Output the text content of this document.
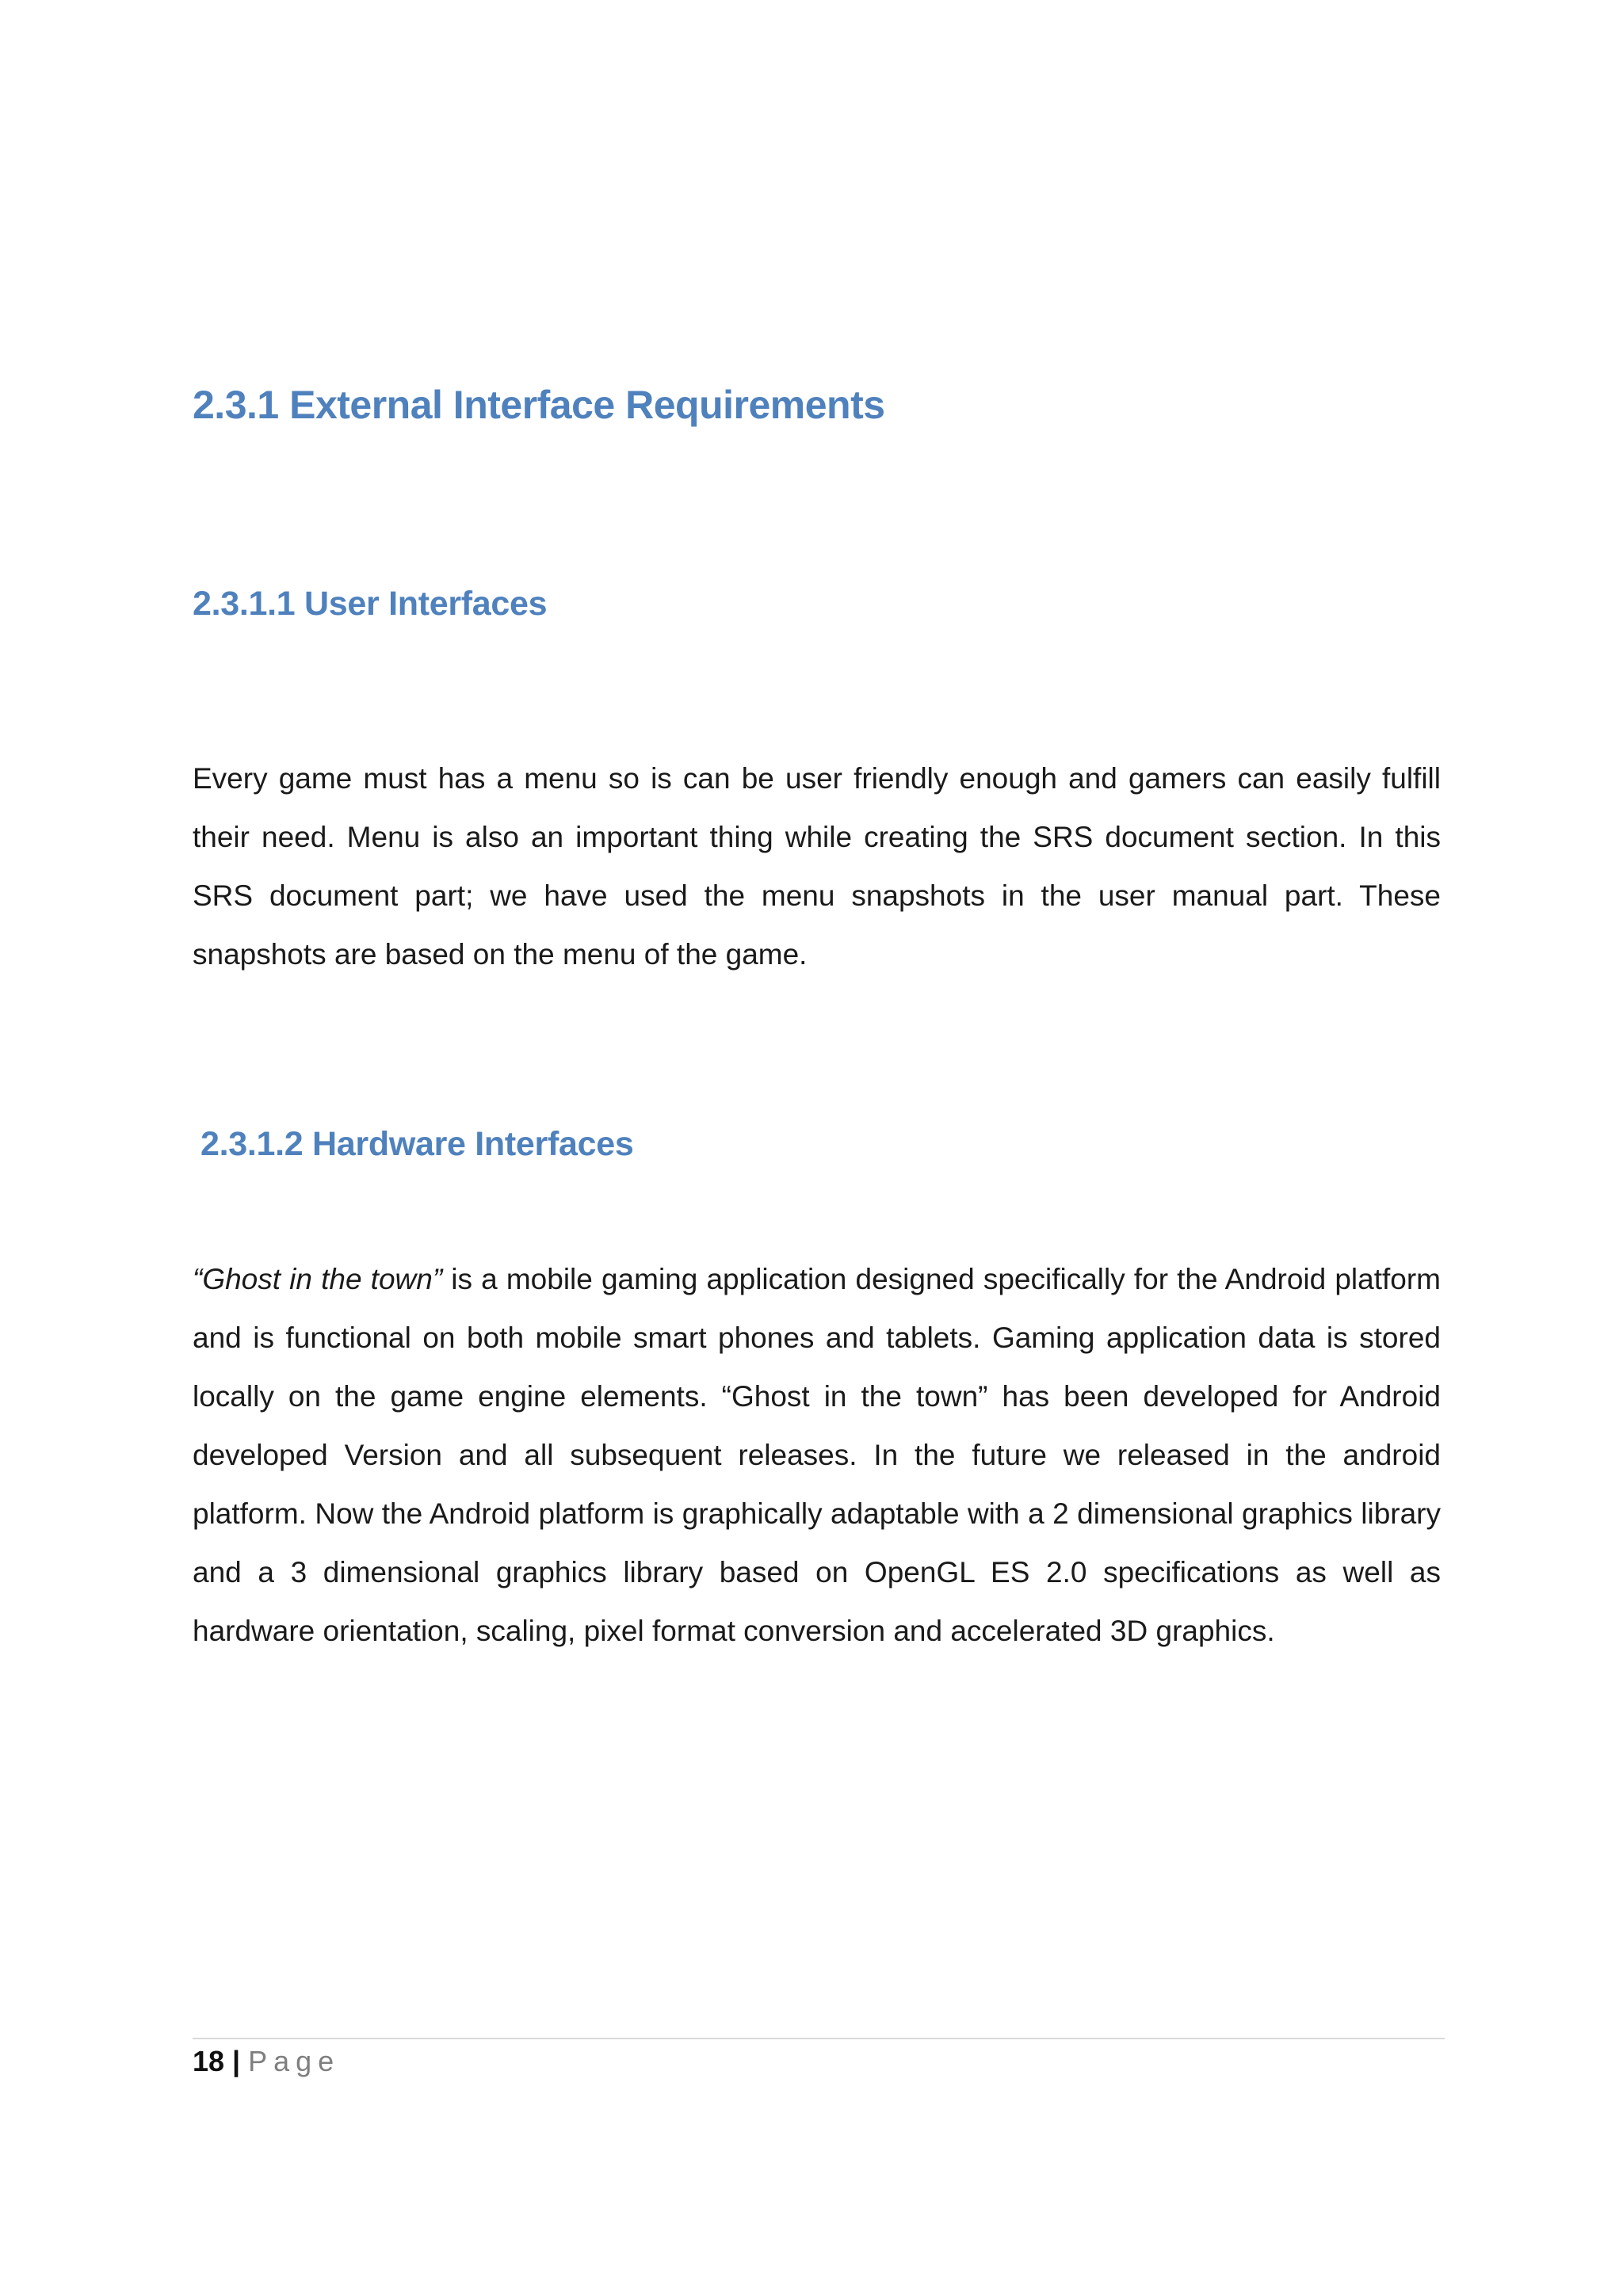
2.3.1 External Interface Requirements
2.3.1.1 User Interfaces

Every game must has a menu so is can be user friendly enough and gamers can easily fulfill their need. Menu is also an important thing while creating the SRS document section. In this SRS document part; we have used the menu snapshots in the user manual part. These snapshots are based on the menu of the game.

2.3.1.2 Hardware Interfaces

“Ghost in the town” is a mobile gaming application designed specifically for the Android platform and is functional on both mobile smart phones and tablets. Gaming application data is stored locally on the game engine elements. “Ghost in the town” has been developed for Android developed Version and all subsequent releases. In the future we released in the android platform. Now the Android platform is graphically adaptable with a 2 dimensional graphics library and a 3 dimensional graphics library based on OpenGL ES 2.0 specifications as well as hardware orientation, scaling, pixel format conversion and accelerated 3D graphics.

18 | Page
